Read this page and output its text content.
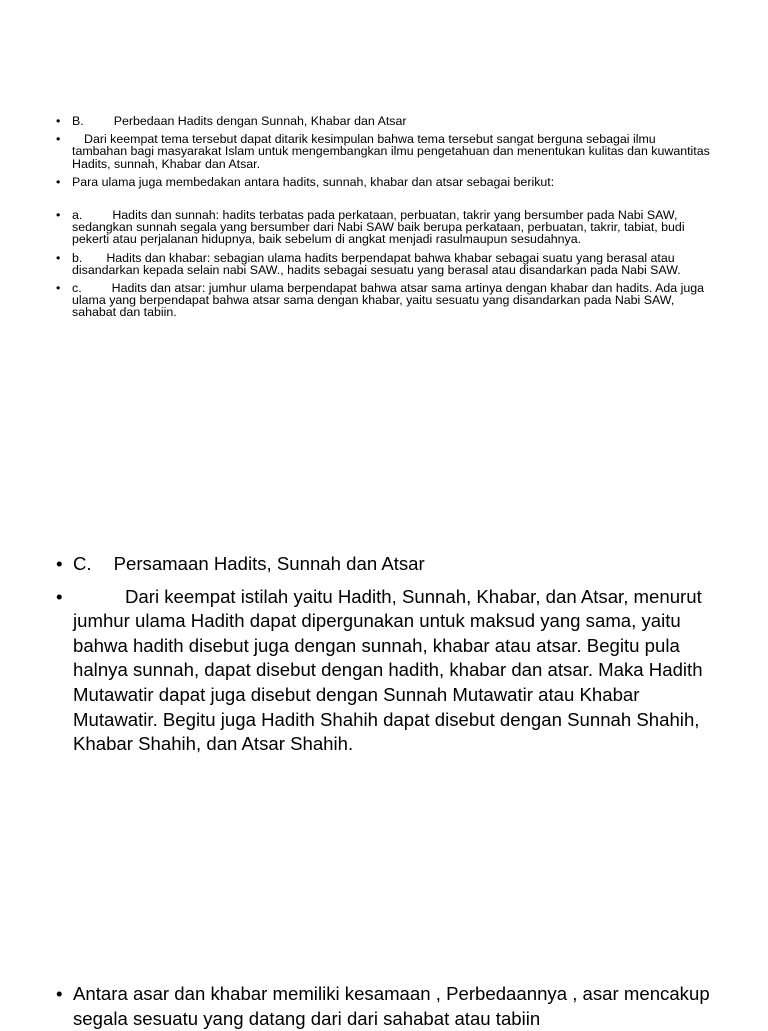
• B. Perbedaan Hadits dengan Sunnah, Khabar dan Atsar
• Dari keempat tema tersebut dapat ditarik kesimpulan bahwa tema tersebut sangat berguna sebagai ilmu tambahan bagi masyarakat Islam untuk mengembangkan ilmu pengetahuan dan menentukan kulitas dan kuwantitas Hadits, sunnah, Khabar dan Atsar.
• Para ulama juga membedakan antara hadits, sunnah, khabar dan atsar sebagai berikut:
• a. Hadits dan sunnah: hadits terbatas pada perkataan, perbuatan, takrir yang bersumber pada Nabi SAW, sedangkan sunnah segala yang bersumber dari Nabi SAW baik berupa perkataan, perbuatan, takrir, tabiat, budi pekerti atau perjalanan hidupnya, baik sebelum di angkat menjadi rasulmaupun sesudahnya.
• b. Hadits dan khabar: sebagian ulama hadits berpendapat bahwa khabar sebagai suatu yang berasal atau disandarkan kepada selain nabi SAW., hadits sebagai sesuatu yang berasal atau disandarkan pada Nabi SAW.
• c. Hadits dan atsar: jumhur ulama berpendapat bahwa atsar sama artinya dengan khabar dan hadits. Ada juga ulama yang berpendapat bahwa atsar sama dengan khabar, yaitu sesuatu yang disandarkan pada Nabi SAW, sahabat dan tabiin.
• C. Persamaan Hadits, Sunnah dan Atsar
• Dari keempat istilah yaitu Hadith, Sunnah, Khabar, dan Atsar, menurut jumhur ulama Hadith dapat dipergunakan untuk maksud yang sama, yaitu bahwa hadith disebut juga dengan sunnah, khabar atau atsar. Begitu pula halnya sunnah, dapat disebut dengan hadith, khabar dan atsar. Maka Hadith Mutawatir dapat juga disebut dengan Sunnah Mutawatir atau Khabar Mutawatir. Begitu juga Hadith Shahih dapat disebut dengan Sunnah Shahih, Khabar Shahih, dan Atsar Shahih.
• Antara asar dan khabar memiliki kesamaan , Perbedaannya , asar mencakup segala sesuatu yang datang dari dari sahabat atau tabiin
